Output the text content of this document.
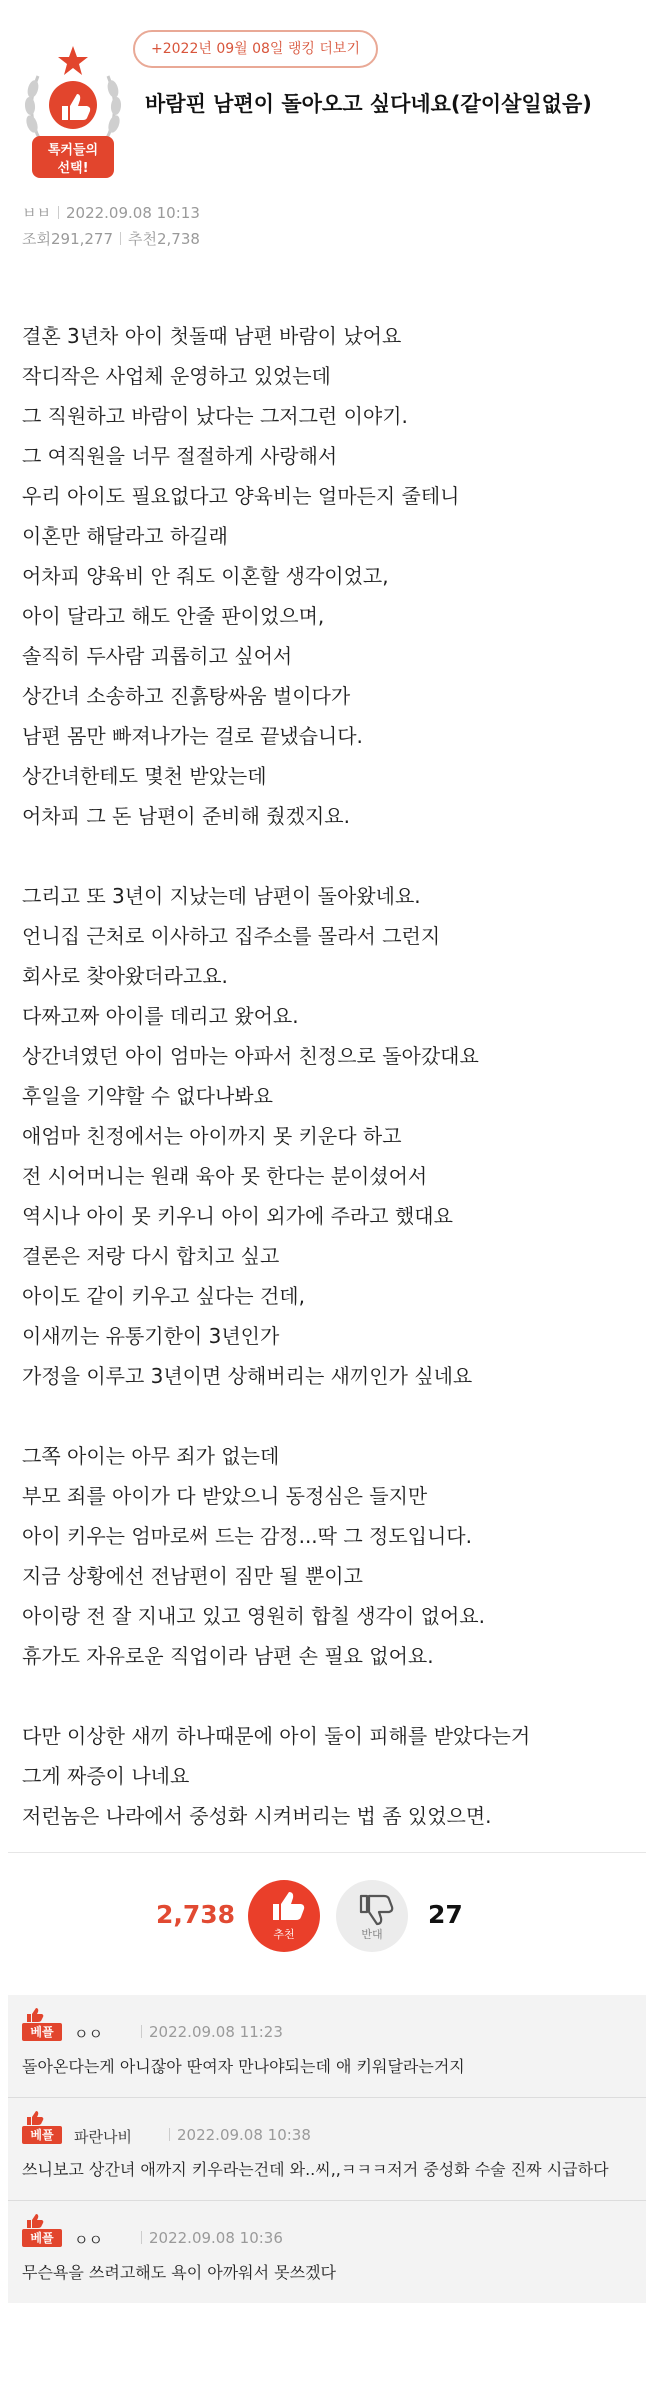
+2022년 09월 08일 랭킹 더보기
톡커들의
선택!
바람핀 남편이 돌아오고 싶다네요(같이살일없음)
ㅂㅂ 2022.09.08 10:13
조회291,277 추천2,738
결혼 3년차 아이 첫돌때 남편 바람이 났어요
작디작은 사업체 운영하고 있었는데
그 직원하고 바람이 났다는 그저그런 이야기.
그 여직원을 너무 절절하게 사랑해서
우리 아이도 필요없다고 양육비는 얼마든지 줄테니
이혼만 해달라고 하길래
어차피 양육비 안 줘도 이혼할 생각이었고,
아이 달라고 해도 안줄 판이었으며,
솔직히 두사람 괴롭히고 싶어서
상간녀 소송하고 진흙탕싸움 벌이다가
남편 몸만 빠져나가는 걸로 끝냈습니다.
상간녀한테도 몇천 받았는데
어차피 그 돈 남편이 준비해 줬겠지요.
그리고 또 3년이 지났는데 남편이 돌아왔네요.
언니집 근처로 이사하고 집주소를 몰라서 그런지
회사로 찾아왔더라고요.
다짜고짜 아이를 데리고 왔어요.
상간녀였던 아이 엄마는 아파서 친정으로 돌아갔대요
후일을 기약할 수 없다나봐요
애엄마 친정에서는 아이까지 못 키운다 하고
전 시어머니는 원래 육아 못 한다는 분이셨어서
역시나 아이 못 키우니 아이 외가에 주라고 했대요
결론은 저랑 다시 합치고 싶고
아이도 같이 키우고 싶다는 건데,
이새끼는 유통기한이 3년인가
가정을 이루고 3년이면 상해버리는 새끼인가 싶네요
그쪽 아이는 아무 죄가 없는데
부모 죄를 아이가 다 받았으니 동정심은 들지만
아이 키우는 엄마로써 드는 감정...딱 그 정도입니다.
지금 상황에선 전남편이 짐만 될 뿐이고
아이랑 전 잘 지내고 있고 영원히 합칠 생각이 없어요.
휴가도 자유로운 직업이라 남편 손 필요 없어요.
다만 이상한 새끼 하나때문에 아이 둘이 피해를 받았다는거
그게 짜증이 나네요
저런놈은 나라에서 중성화 시켜버리는 법 좀 있었으면.
2,738
추천	반대
27
베플	ㅇㅇ	2022.09.08 11:23
돌아온다는게 아니잖아 딴여자 만나야되는데 애 키워달라는거지
베플	파란나비	2022.09.08 10:38
쓰니보고 상간녀 애까지 키우라는건데 와..씨,,ㅋㅋㅋ저거 중성화 수술 진짜 시급하다
베플	ㅇㅇ	2022.09.08 10:36
무슨욕을 쓰려고해도 욕이 아까워서 못쓰겠다
